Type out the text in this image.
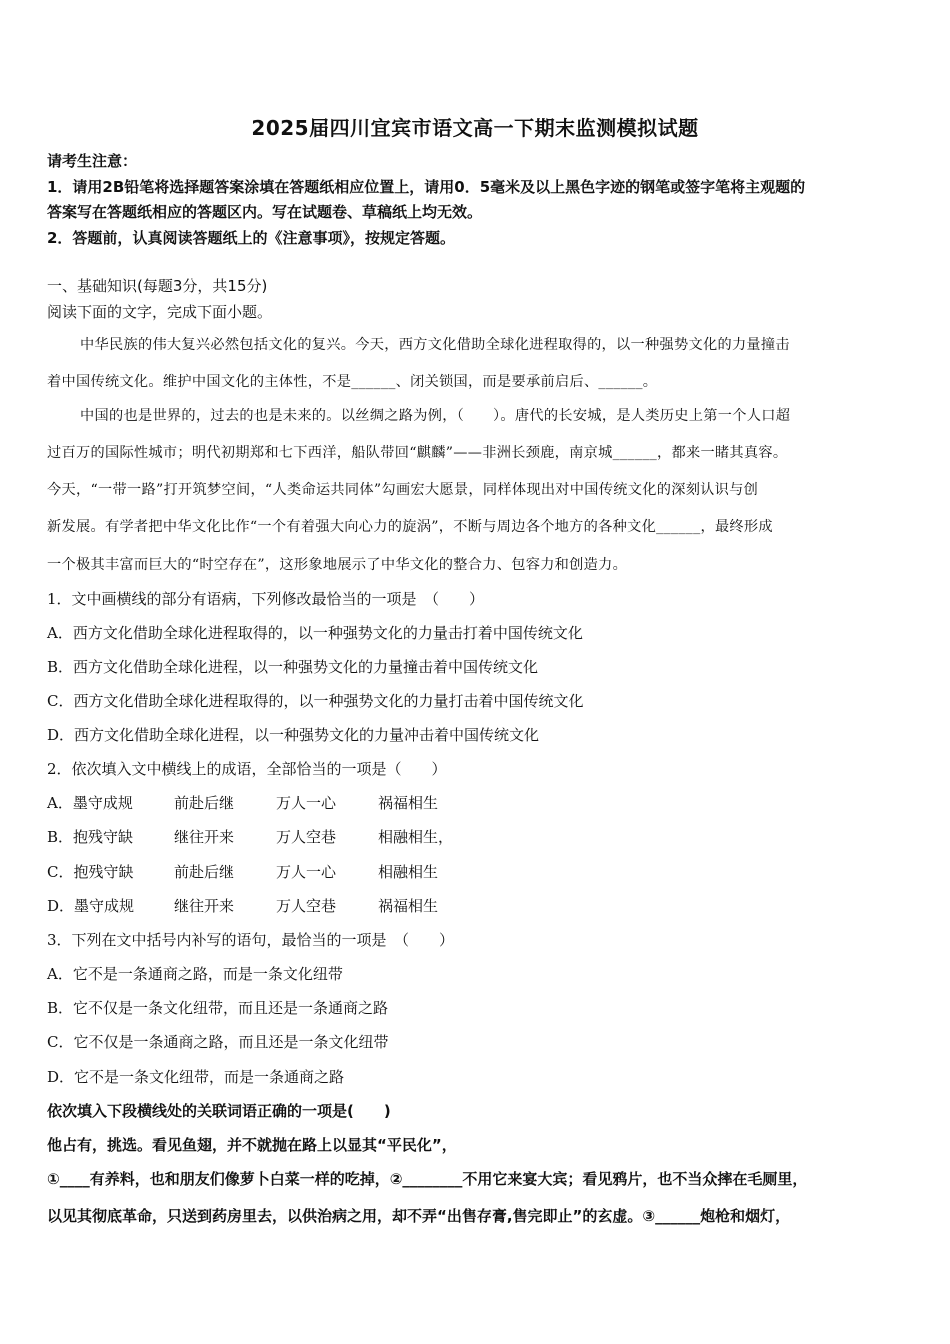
2025届四川宜宾市语文高一下期末监测模拟试题
请考生注意：
1．请用2B铅笔将选择题答案涂填在答题纸相应位置上，请用0．5毫米及以上黑色字迹的钢笔或签字笔将主观题的
答案写在答题纸相应的答题区内。写在试题卷、草稿纸上均无效。
2．答题前，认真阅读答题纸上的《注意事项》，按规定答题。
一、基础知识(每题3分，共15分)
阅读下面的文字，完成下面小题。
中华民族的伟大复兴必然包括文化的复兴。今天，西方文化借助全球化进程取得的，以一种强势文化的力量撞击
着中国传统文化。维护中国文化的主体性，不是______、闭关锁国，而是要承前启后、______。
中国的也是世界的，过去的也是未来的。以丝绸之路为例，（　　）。唐代的长安城，是人类历史上第一个人口超
过百万的国际性城市；明代初期郑和七下西洋，船队带回“麒麟”——非洲长颈鹿，南京城______，都来一睹其真容。
今天，“一带一路”打开筑梦空间，“人类命运共同体”勾画宏大愿景，同样体现出对中国传统文化的深刻认识与创
新发展。有学者把中华文化比作“一个有着强大向心力的旋涡”，不断与周边各个地方的各种文化______，最终形成
一个极其丰富而巨大的“时空存在”，这形象地展示了中华文化的整合力、包容力和创造力。
1．文中画横线的部分有语病，下列修改最恰当的一项是　（　　）
A．西方文化借助全球化进程取得的，以一种强势文化的力量击打着中国传统文化
B．西方文化借助全球化进程，以一种强势文化的力量撞击着中国传统文化
C．西方文化借助全球化进程取得的，以一种强势文化的力量打击着中国传统文化
D．西方文化借助全球化进程，以一种强势文化的力量冲击着中国传统文化
2．依次填入文中横线上的成语，全部恰当的一项是（　　）
A．墨守成规	前赴后继	万人一心	祸福相生
B．抱残守缺	继往开来	万人空巷	相融相生，
C．抱残守缺	前赴后继	万人一心	相融相生
D．墨守成规	继往开来	万人空巷	祸福相生
3．下列在文中括号内补写的语句，最恰当的一项是　（　　）
A．它不是一条通商之路，而是一条文化纽带
B．它不仅是一条文化纽带，而且还是一条通商之路
C．它不仅是一条通商之路，而且还是一条文化纽带
D．它不是一条文化纽带，而是一条通商之路
依次填入下段横线处的关联词语正确的一项是(　　)
他占有，挑选。看见鱼翅，并不就抛在路上以显其“平民化”，
①____有养料，也和朋友们像萝卜白菜一样的吃掉，②________不用它来宴大宾；看见鸦片，也不当众摔在毛厕里，
以见其彻底革命，只送到药房里去，以供治病之用，却不弄“出售存膏,售完即止”的玄虚。③______炮枪和烟灯，
